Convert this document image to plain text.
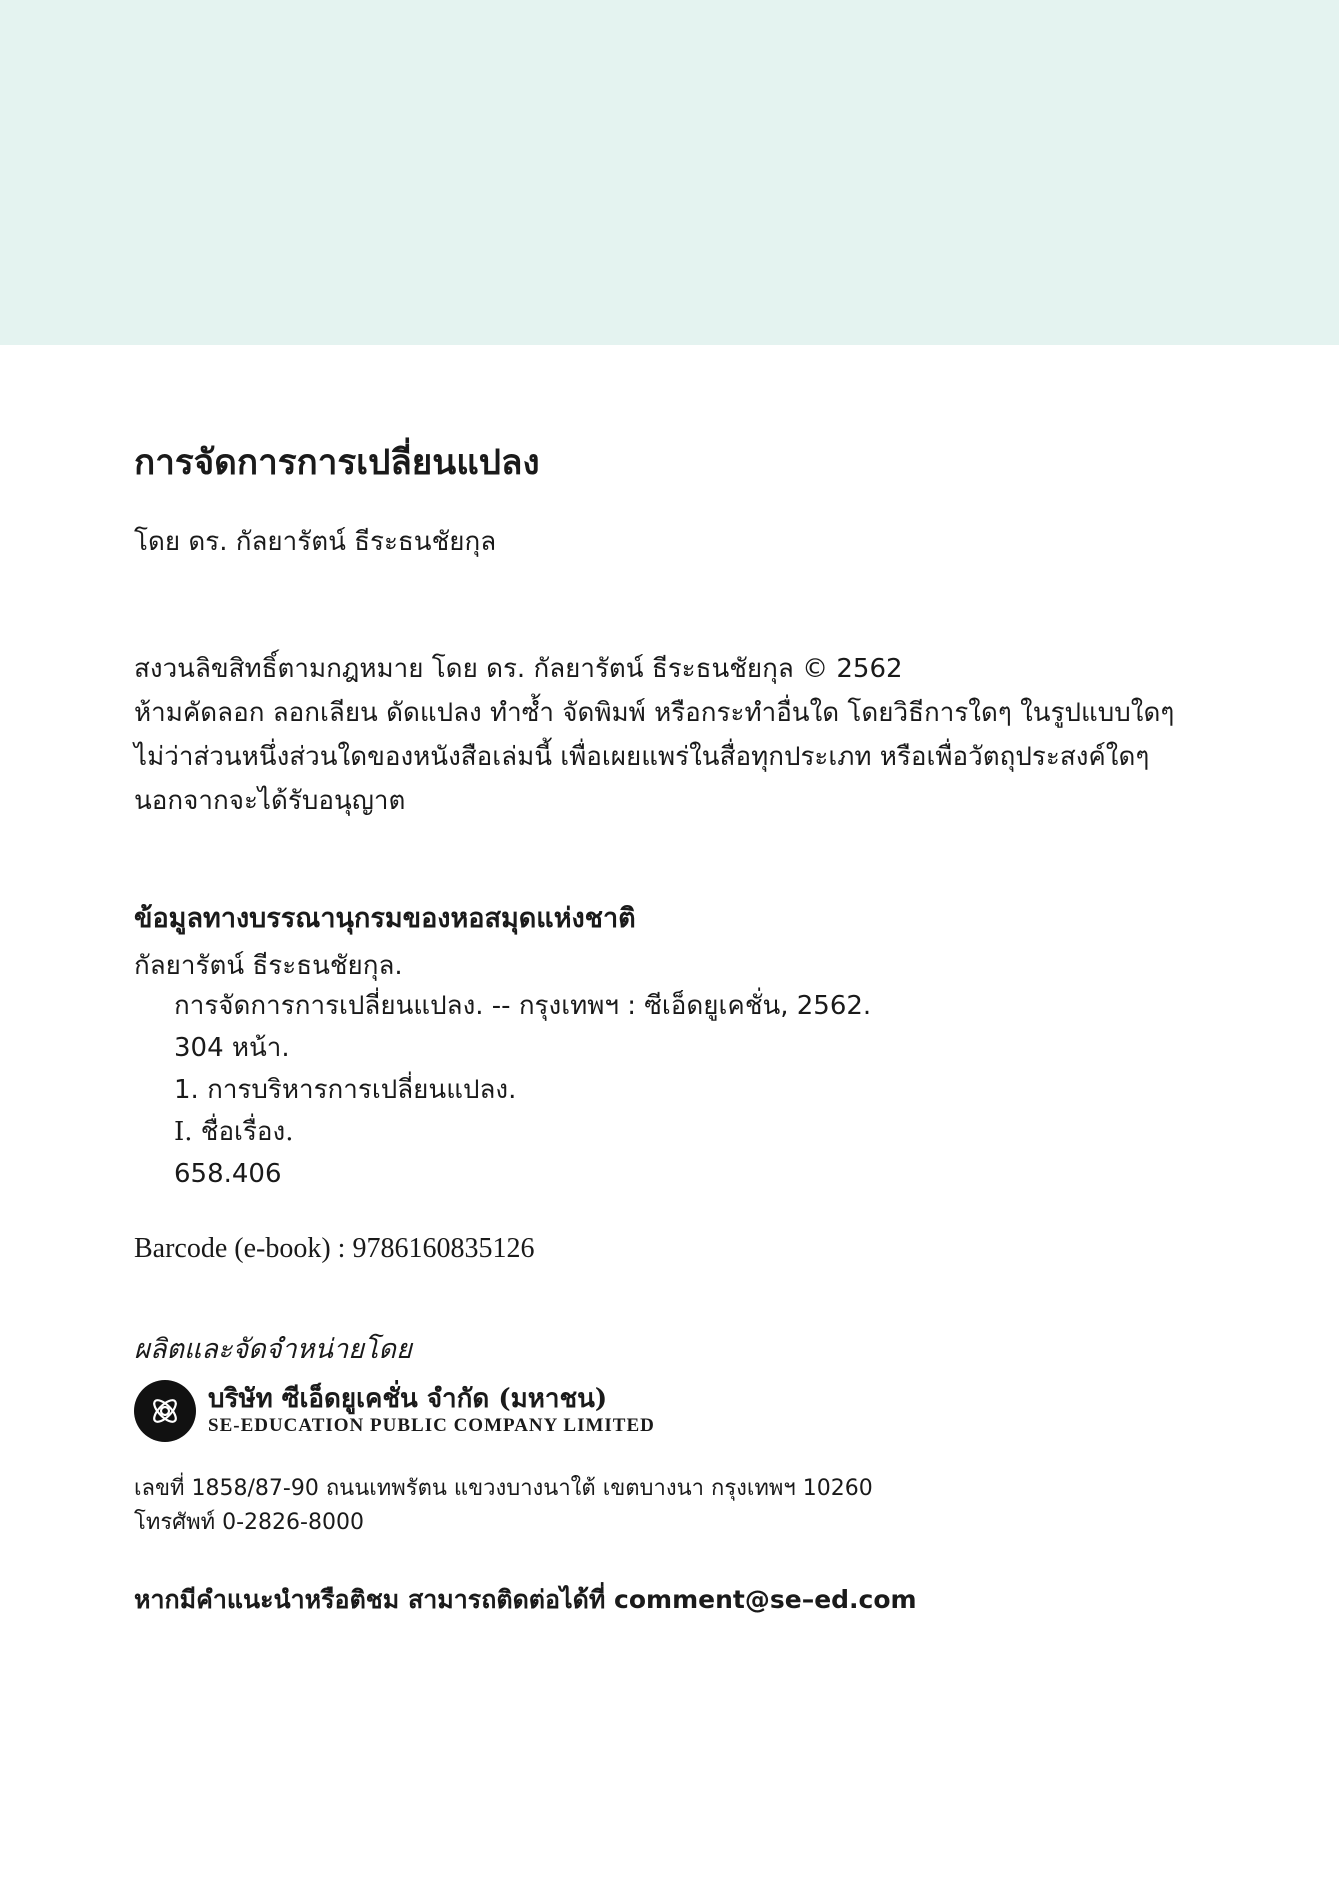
การจัดการการเปลี่ยนแปลง

โดย ดร. กัลยารัตน์ ธีระธนชัยกุล

สงวนลิขสิทธิ์ตามกฎหมาย โดย ดร. กัลยารัตน์ ธีระธนชัยกุล © 2562

ห้ามคัดลอก ลอกเลียน ดัดแปลง ทำซ้ำ จัดพิมพ์ หรือกระทำอื่นใด โดยวิธีการใดๆ ในรูปแบบใดๆ

ไม่ว่าส่วนหนึ่งส่วนใดของหนังสือเล่มนี้ เพื่อเผยแพร่ในสื่อทุกประเภท หรือเพื่อวัตถุประสงค์ใดๆ

นอกจากจะได้รับอนุญาต

ข้อมูลทางบรรณานุกรมของหอสมุดแห่งชาติ

กัลยารัตน์ ธีระธนชัยกุล.

การจัดการการเปลี่ยนแปลง. -- กรุงเทพฯ : ซีเอ็ดยูเคชั่น, 2562.

304 หน้า.

1. การบริหารการเปลี่ยนแปลง.

I. ชื่อเรื่อง.

658.406

Barcode (e-book) : 9786160835126
ผลิตและจัดจำหน่ายโดย
บริษัท ซีเอ็ดยูเคชั่น จำกัด (มหาชน)
SE-EDUCATION PUBLIC COMPANY LIMITED

เลขที่ 1858/87-90 ถนนเทพรัตน แขวงบางนาใต้ เขตบางนา กรุงเทพฯ 10260

โทรศัพท์ 0-2826-8000

หากมีคำแนะนำหรือติชม สามารถติดต่อได้ที่ comment@se–ed.com
